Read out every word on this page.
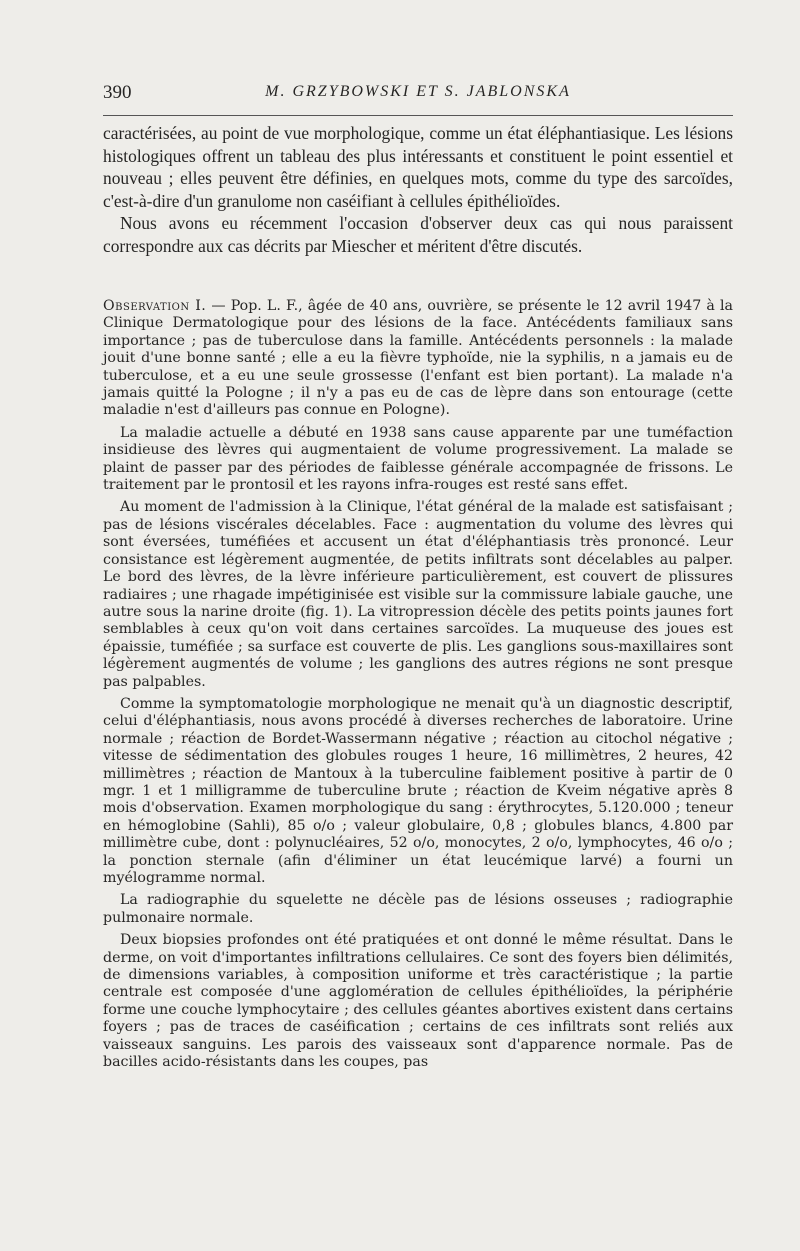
390	M. GRZYBOWSKI ET S. JABLONSKA

caractérisées, au point de vue morphologique, comme un état éléphantiasique. Les lésions histologiques offrent un tableau des plus intéressants et constituent le point essentiel et nouveau ; elles peuvent être définies, en quelques mots, comme du type des sarcoïdes, c'est-à-dire d'un granulome non caséifiant à cellules épithélioïdes.

Nous avons eu récemment l'occasion d'observer deux cas qui nous paraissent correspondre aux cas décrits par Miescher et méritent d'être discutés.

Observation I. — Pop. L. F., âgée de 40 ans, ouvrière, se présente le 12 avril 1947 à la Clinique Dermatologique pour des lésions de la face. Antécédents familiaux sans importance ; pas de tuberculose dans la famille. Antécédents personnels : la malade jouit d'une bonne santé ; elle a eu la fièvre typhoïde, nie la syphilis, n a jamais eu de tuberculose, et a eu une seule grossesse (l'enfant est bien portant). La malade n'a jamais quitté la Pologne ; il n'y a pas eu de cas de lèpre dans son entourage (cette maladie n'est d'ailleurs pas connue en Pologne).

La maladie actuelle a débuté en 1938 sans cause apparente par une tuméfaction insidieuse des lèvres qui augmentaient de volume progressivement. La malade se plaint de passer par des périodes de faiblesse générale accompagnée de frissons. Le traitement par le prontosil et les rayons infra-rouges est resté sans effet.

Au moment de l'admission à la Clinique, l'état général de la malade est satisfaisant ; pas de lésions viscérales décelables. Face : augmentation du volume des lèvres qui sont éversées, tuméfiées et accusent un état d'éléphantiasis très prononcé. Leur consistance est légèrement augmentée, de petits infiltrats sont décelables au palper. Le bord des lèvres, de la lèvre inférieure particulièrement, est couvert de plissures radiaires ; une rhagade impétiginisée est visible sur la commissure labiale gauche, une autre sous la narine droite (fig. 1). La vitropression décèle des petits points jaunes fort semblables à ceux qu'on voit dans certaines sarcoïdes. La muqueuse des joues est épaissie, tuméfiée ; sa surface est couverte de plis. Les ganglions sous-maxillaires sont légèrement augmentés de volume ; les ganglions des autres régions ne sont presque pas palpables.

Comme la symptomatologie morphologique ne menait qu'à un diagnostic descriptif, celui d'éléphantiasis, nous avons procédé à diverses recherches de laboratoire. Urine normale ; réaction de Bordet-Wassermann négative ; réaction au citochol négative ; vitesse de sédimentation des globules rouges 1 heure, 16 millimètres, 2 heures, 42 millimètres ; réaction de Mantoux à la tuberculine faiblement positive à partir de 0 mgr. 1 et 1 milligramme de tuberculine brute ; réaction de Kveim négative après 8 mois d'observation. Examen morphologique du sang : érythrocytes, 5.120.000 ; teneur en hémoglobine (Sahli), 85 o/o ; valeur globulaire, 0,8 ; globules blancs, 4.800 par millimètre cube, dont : polynucléaires, 52 o/o, monocytes, 2 o/o, lymphocytes, 46 o/o ; la ponction sternale (afin d'éliminer un état leucémique larvé) a fourni un myélogramme normal.

La radiographie du squelette ne décèle pas de lésions osseuses ; radiographie pulmonaire normale.

Deux biopsies profondes ont été pratiquées et ont donné le même résultat. Dans le derme, on voit d'importantes infiltrations cellulaires. Ce sont des foyers bien délimités, de dimensions variables, à composition uniforme et très caractéristique ; la partie centrale est composée d'une agglomération de cellules épithélioïdes, la périphérie forme une couche lymphocytaire ; des cellules géantes abortives existent dans certains foyers ; pas de traces de caséification ; certains de ces infiltrats sont reliés aux vaisseaux sanguins. Les parois des vaisseaux sont d'apparence normale. Pas de bacilles acido-résistants dans les coupes, pas
